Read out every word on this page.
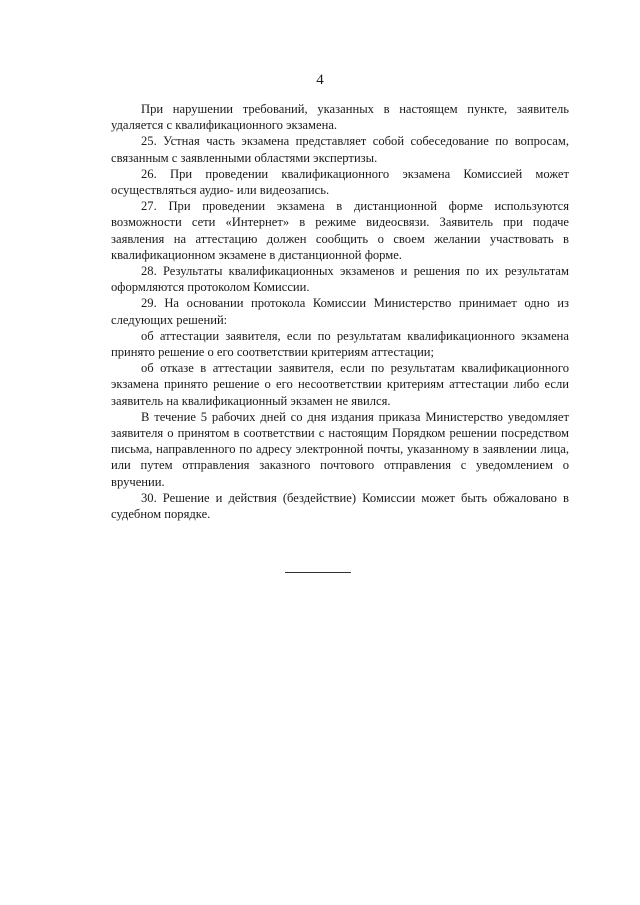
4

При нарушении требований, указанных в настоящем пункте, заявитель удаляется с квалификационного экзамена.

25. Устная часть экзамена представляет собой собеседование по вопросам, связанным с заявленными областями экспертизы.

26. При проведении квалификационного экзамена Комиссией может осуществляться аудио- или видеозапись.

27. При проведении экзамена в дистанционной форме используются возможности сети «Интернет» в режиме видеосвязи. Заявитель при подаче заявления на аттестацию должен сообщить о своем желании участвовать в квалификационном экзамене в дистанционной форме.

28. Результаты квалификационных экзаменов и решения по их результатам оформляются протоколом Комиссии.

29. На основании протокола Комиссии Министерство принимает одно из следующих решений:

об аттестации заявителя, если по результатам квалификационного экзамена принято решение о его соответствии критериям аттестации;

об отказе в аттестации заявителя, если по результатам квалификационного экзамена принято решение о его несоответствии критериям аттестации либо если заявитель на квалификационный экзамен не явился.

В течение 5 рабочих дней со дня издания приказа Министерство уведомляет заявителя о принятом в соответствии с настоящим Порядком решении посредством письма, направленного по адресу электронной почты, указанному в заявлении лица, или путем отправления заказного почтового отправления с уведомлением о вручении.

30. Решение и действия (бездействие) Комиссии может быть обжаловано в судебном порядке.
